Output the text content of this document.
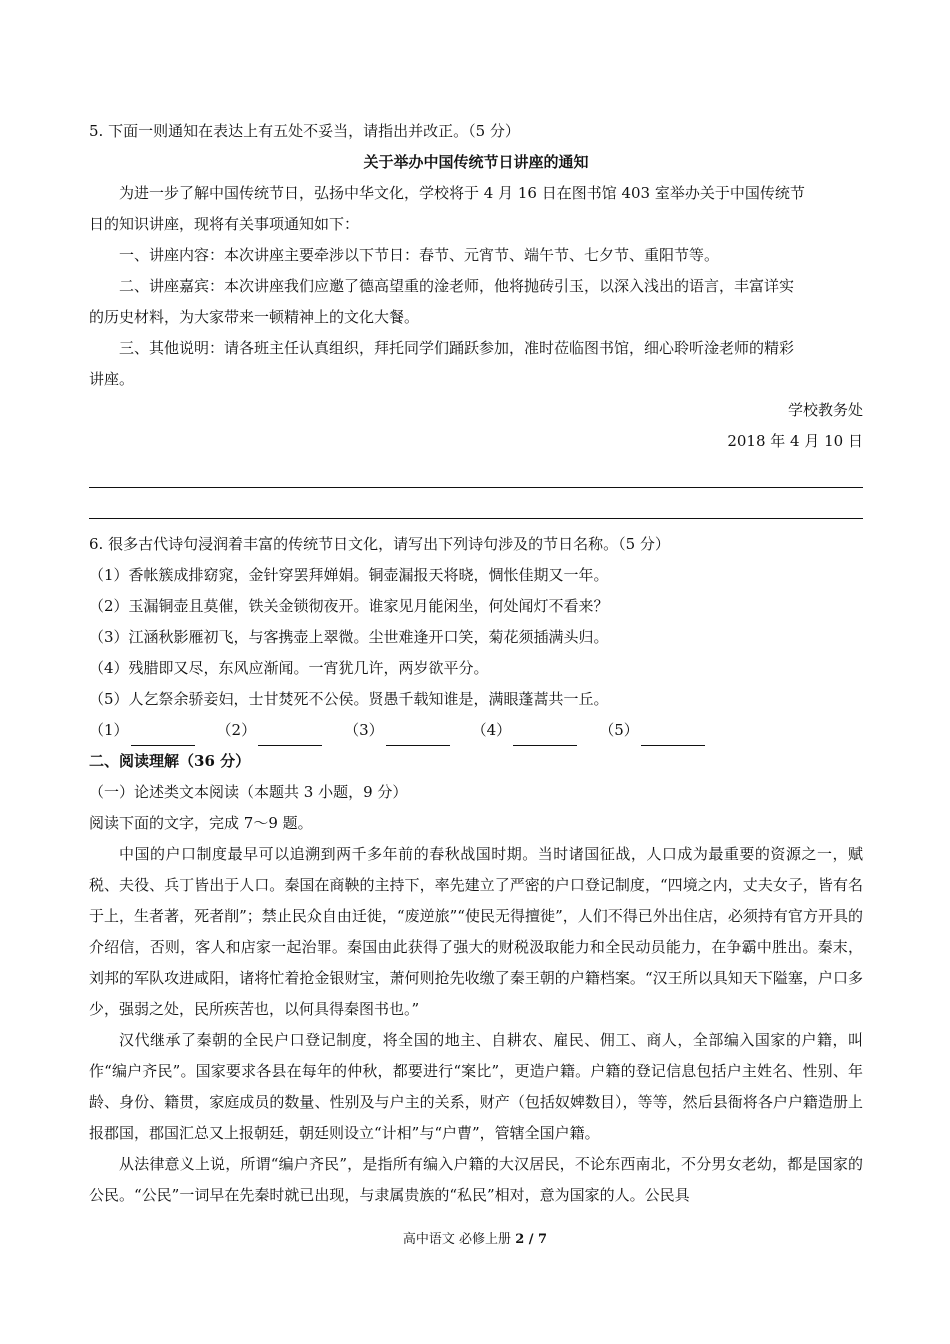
5. 下面一则通知在表达上有五处不妥当，请指出并改正。（5 分）
关于举办中国传统节日讲座的通知
为进一步了解中国传统节日，弘扬中华文化，学校将于 4 月 16 日在图书馆 403 室举办关于中国传统节
日的知识讲座，现将有关事项通知如下：
一、讲座内容：本次讲座主要牵涉以下节日：春节、元宵节、端午节、七夕节、重阳节等。
二、讲座嘉宾：本次讲座我们应邀了德高望重的淦老师，他将抛砖引玉，以深入浅出的语言，丰富详实
的历史材料，为大家带来一顿精神上的文化大餐。
三、其他说明：请各班主任认真组织，拜托同学们踊跃参加，准时莅临图书馆，细心聆听淦老师的精彩
讲座。
学校教务处
2018 年 4 月 10 日
6. 很多古代诗句浸润着丰富的传统节日文化，请写出下列诗句涉及的节日名称。（5 分）
（1）香帐簇成排窈窕，金针穿罢拜婵娟。铜壶漏报天将晓，惆怅佳期又一年。
（2）玉漏铜壶且莫催，铁关金锁彻夜开。谁家见月能闲坐，何处闻灯不看来？
（3）江涵秋影雁初飞，与客携壶上翠微。尘世难逢开口笑，菊花须插满头归。
（4）残腊即又尽，东风应渐闻。一宵犹几许，两岁欲平分。
（5）人乞祭余骄妾妇，士甘焚死不公侯。贤愚千载知谁是，满眼蓬蒿共一丘。
（1）	（2）	（3）	（4）	（5）
二、阅读理解（36 分）
（一）论述类文本阅读（本题共 3 小题，9 分）
阅读下面的文字，完成 7～9 题。
中国的户口制度最早可以追溯到两千多年前的春秋战国时期。当时诸国征战，人口成为最重要的资源之一，赋税、夫役、兵丁皆出于人口。秦国在商鞅的主持下，率先建立了严密的户口登记制度，“四境之内，丈夫女子，皆有名于上，生者著，死者削”；禁止民众自由迁徙，“废逆旅”“使民无得擅徙”，人们不得已外出住店，必须持有官方开具的介绍信，否则，客人和店家一起治罪。秦国由此获得了强大的财税汲取能力和全民动员能力，在争霸中胜出。秦末，刘邦的军队攻进咸阳，诸将忙着抢金银财宝，萧何则抢先收缴了秦王朝的户籍档案。“汉王所以具知天下隘塞，户口多少，强弱之处，民所疾苦也，以何具得秦图书也。”
汉代继承了秦朝的全民户口登记制度，将全国的地主、自耕农、雇民、佣工、商人，全部编入国家的户籍，叫作“编户齐民”。国家要求各县在每年的仲秋，都要进行“案比”，更造户籍。户籍的登记信息包括户主姓名、性别、年龄、身份、籍贯，家庭成员的数量、性别及与户主的关系，财产（包括奴婢数目），等等，然后县衙将各户户籍造册上报郡国，郡国汇总又上报朝廷，朝廷则设立“计相”与“户曹”，管辖全国户籍。
从法律意义上说，所谓“编户齐民”，是指所有编入户籍的大汉居民，不论东西南北，不分男女老幼，都是国家的公民。“公民”一词早在先秦时就已出现，与隶属贵族的“私民”相对，意为国家的人。公民具
高中语文 必修上册 2 / 7
